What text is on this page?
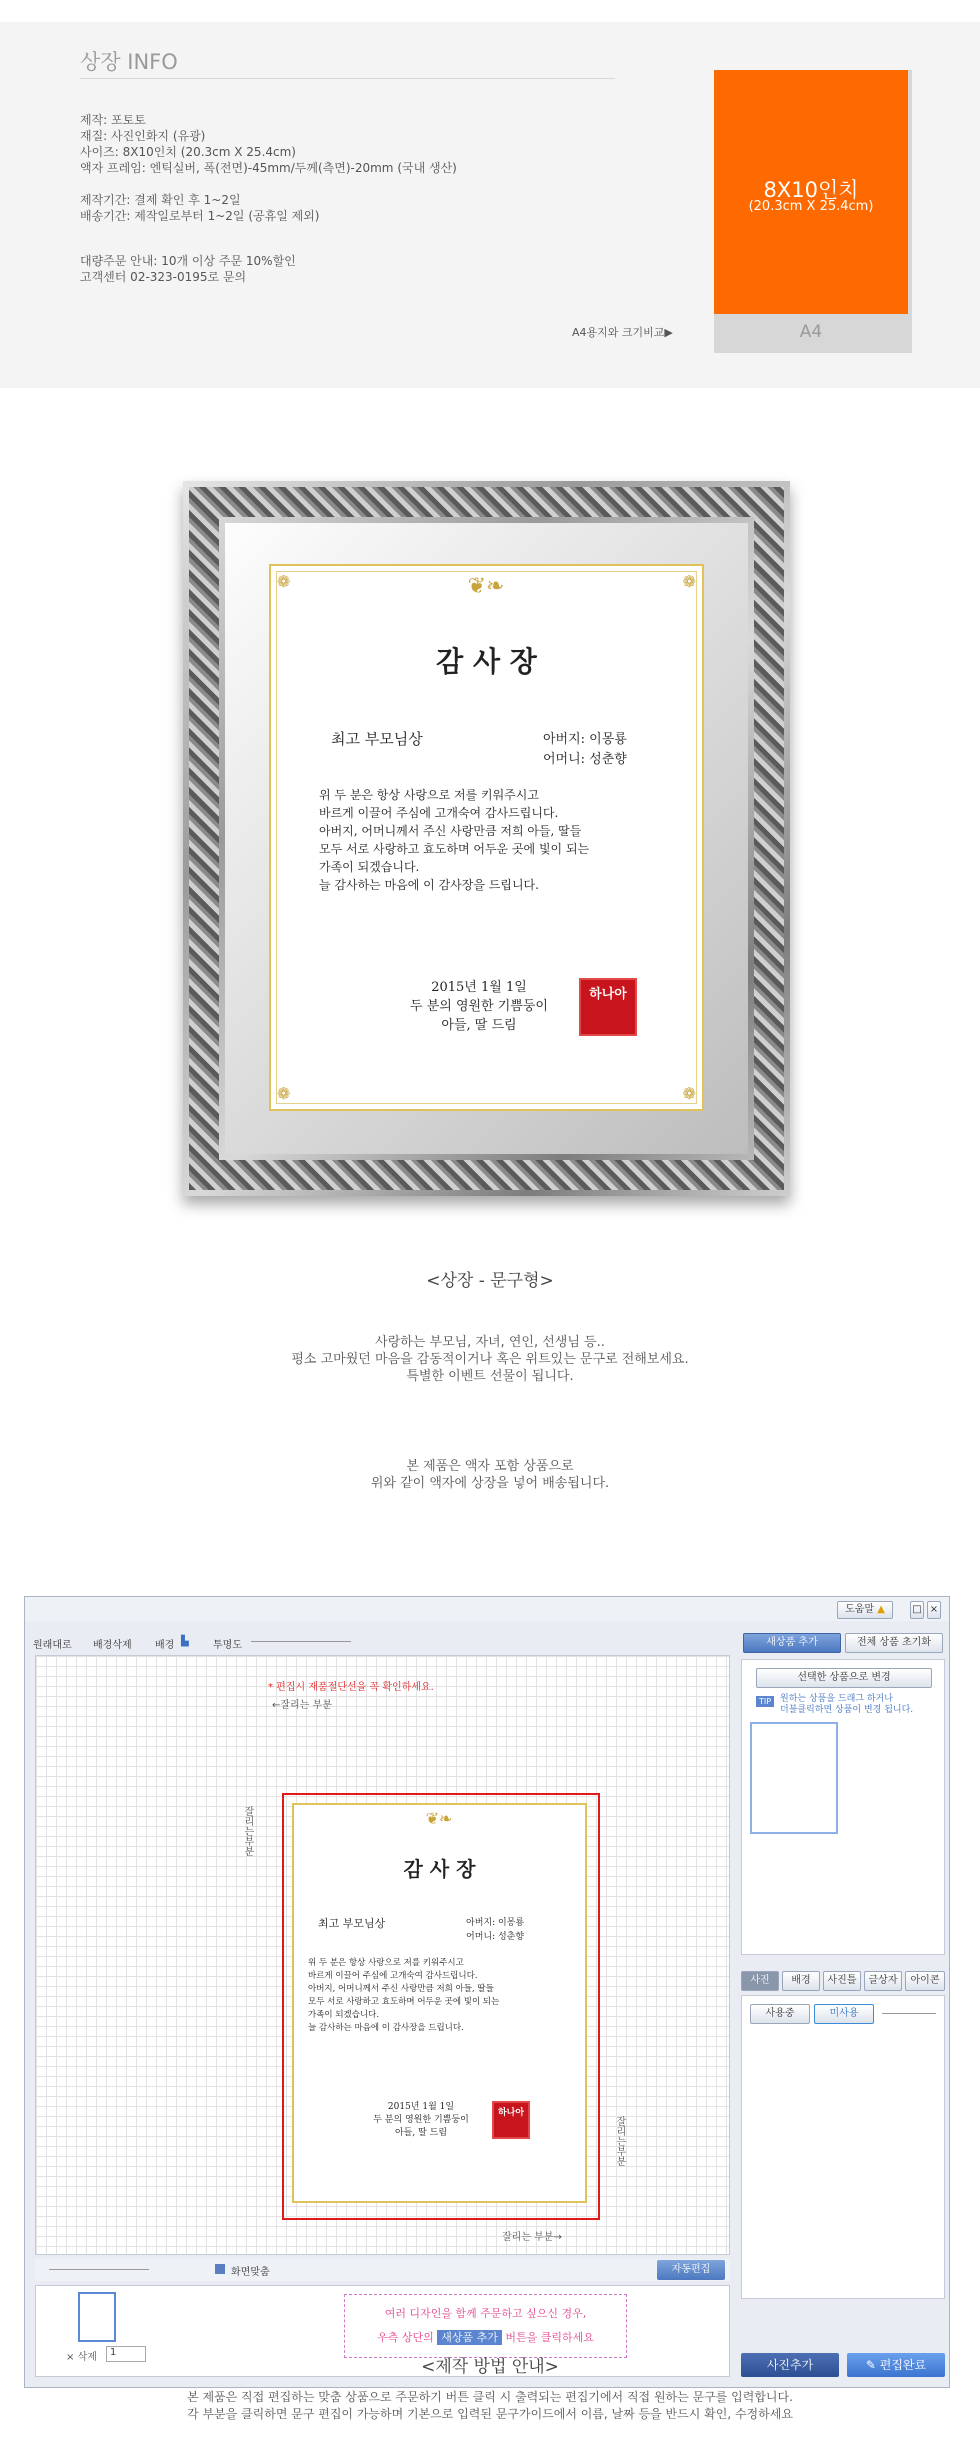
상장 INFO
제작: 포토토
재질: 사진인화지 (유광)
사이즈: 8X10인치 (20.3cm X 25.4cm)
액자 프레임: 엔틱실버, 폭(전면)-45mm/두께(측면)-20mm (국내 생산)
제작기간: 결제 확인 후 1~2일
배송기간: 제작일로부터 1~2일 (공휴일 제외)
대량주문 안내: 10개 이상 주문 10%할인
고객센터 02-323-0195로 문의
A4용지와 크기비교▶
8X10인치
(20.3cm X 25.4cm)
A4
❦❧
❁	❁
❁	❁
감 사 장
최고 부모님상	아버지: 이몽룡
어머니: 성춘향
위 두 분은 항상 사랑으로 저를 키워주시고
바르게 이끌어 주심에 고개숙여 감사드립니다.
아버지, 어머니께서 주신 사랑만큼 저희 아들, 딸들
모두 서로 사랑하고 효도하며 어두운 곳에 빛이 되는
가족이 되겠습니다.
늘 감사하는 마음에 이 감사장을 드립니다.
2015년 1월 1일
두 분의 영원한 기쁨둥이
아들, 딸 드림
하나아
<상장 - 문구형>
사랑하는 부모님, 자녀, 연인, 선생님 등..
평소 고마웠던 마음을 감동적이거나 혹은 위트있는 문구로 전해보세요.
특별한 이벤트 선물이 됩니다.
본 제품은 액자 포함 상품으로
위와 같이 액자에 상장을 넣어 배송됩니다.
도움말 ▲	□ ×
원래대로 배경삭제 배경 ▙ 투명도
* 편집시 재품절단선을 꼭 확인하세요.
←잘리는 부분
잘리는부분
잘리는부분
잘리는 부분→
❦❧
감 사 장
최고 부모님상	아버지: 이몽룡
어머니: 성춘향
위 두 분은 항상 사랑으로 저를 키워주시고
바르게 이끌어 주심에 고개숙여 감사드립니다.
아버지, 어머니께서 주신 사랑만큼 저희 아들, 딸들
모두 서로 사랑하고 효도하며 어두운 곳에 빛이 되는
가족이 되겠습니다.
늘 감사하는 마음에 이 감사장을 드립니다.
2015년 1월 1일
두 분의 영원한 기쁨둥이
아들, 딸 드림
하나아
화면맞춤	자동편집
× 삭제	1
여러 디자인을 함께 주문하고 싶으신 경우,
우측 상단의 새상품 추가 버튼을 클릭하세요
새상품 추가	전체 상품 초기화
선택한 상품으로 변경
TIP 원하는 상품을 드래그 하거나
더블클릭하면 상품이 변경 됩니다.
사진	배경	사진틀	글상자	아이콘
사용중	미사용
사진추가	✎ 편집완료
<제작 방법 안내>
본 제품은 직접 편집하는 맞춤 상품으로 주문하기 버튼 클릭 시 출력되는 편집기에서 직접 원하는 문구를 입력합니다.
각 부분을 클릭하면 문구 편집이 가능하며 기본으로 입력된 문구가이드에서 이름, 날짜 등을 반드시 확인, 수정하세요
